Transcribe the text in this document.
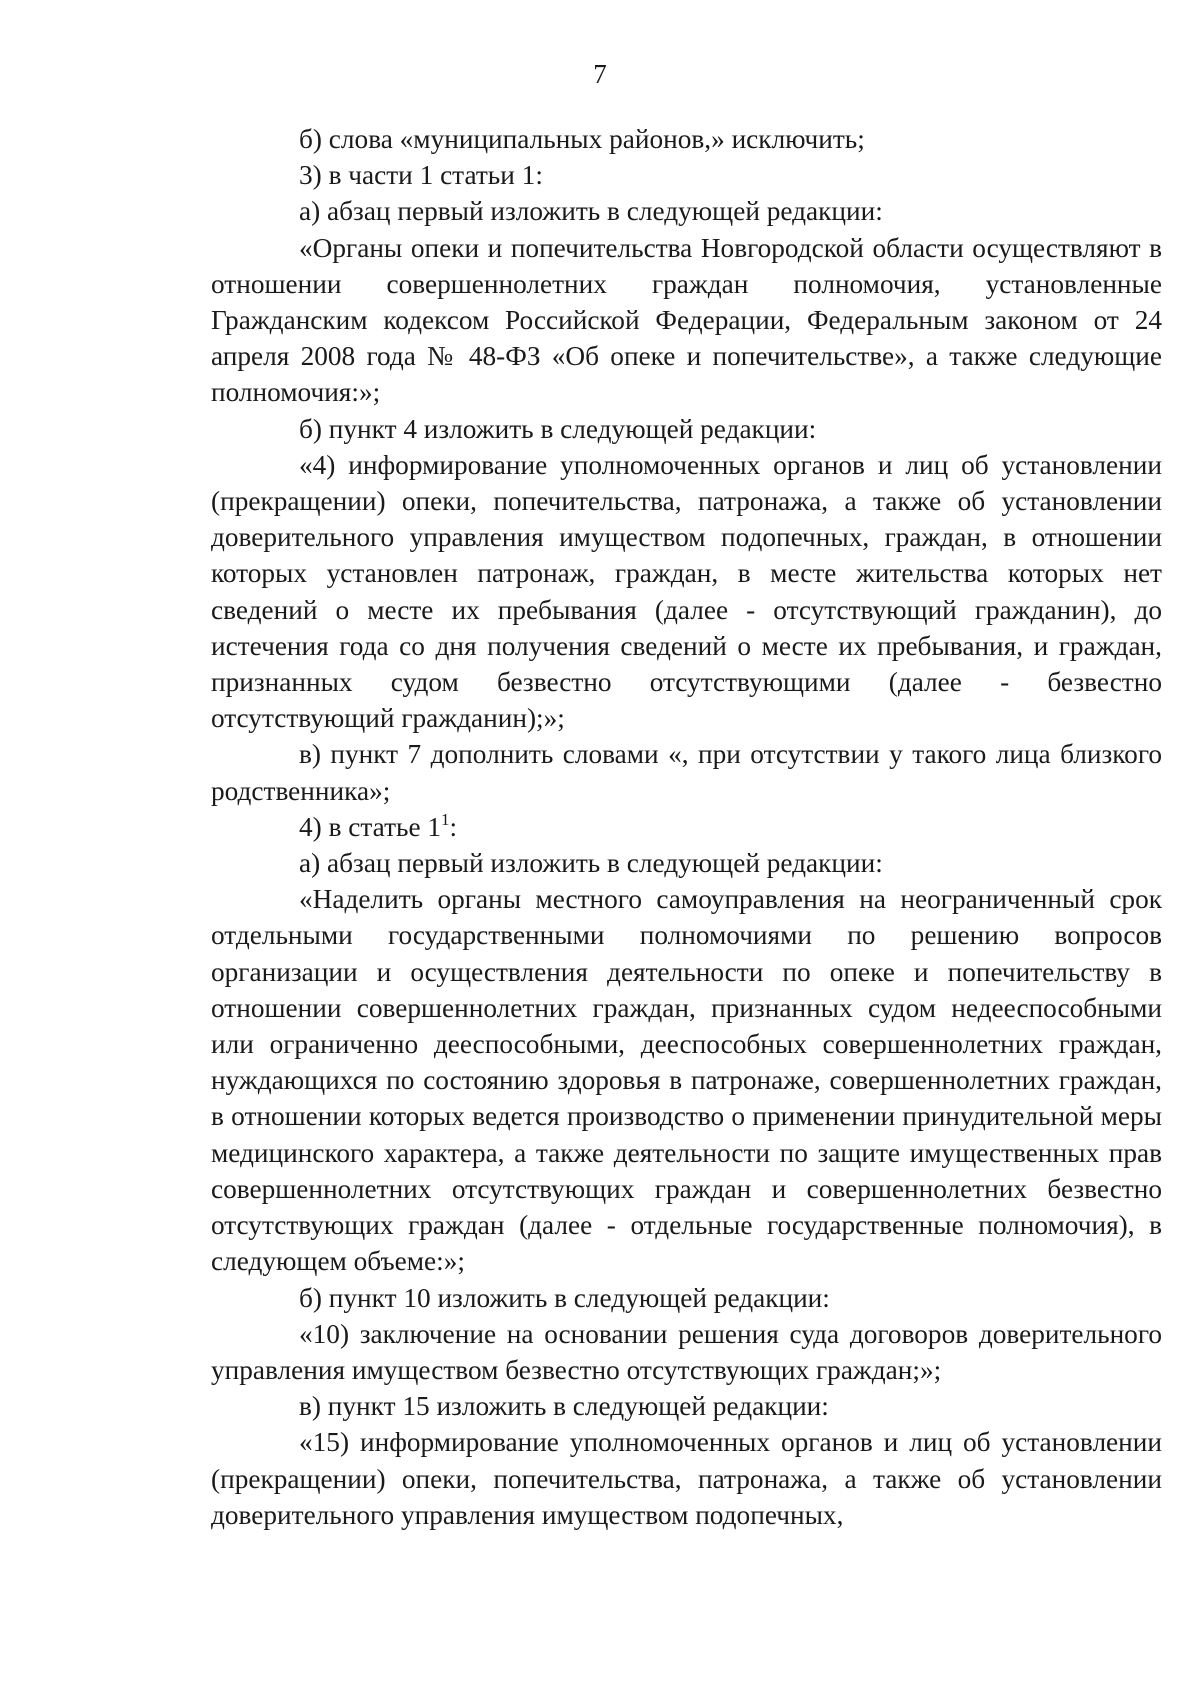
7

б) слова «муниципальных районов,» исключить;

3) в части 1 статьи 1:

а) абзац первый изложить в следующей редакции:

«Органы опеки и попечительства Новгородской области осуществляют в отношении совершеннолетних граждан полномочия, установленные Гражданским кодексом Российской Федерации, Федеральным законом от 24 апреля 2008 года № 48-ФЗ «Об опеке и попечительстве», а также следующие полномочия:»;

б) пункт 4 изложить в следующей редакции:

«4) информирование уполномоченных органов и лиц об установлении (прекращении) опеки, попечительства, патронажа, а также об установлении доверительного управления имуществом подопечных, граждан, в отношении которых установлен патронаж, граждан, в месте жительства которых нет сведений о месте их пребывания (далее - отсутствующий гражданин), до истечения года со дня получения сведений о месте их пребывания, и граждан, признанных судом безвестно отсутствующими (далее - безвестно отсутствующий гражданин);»;

в) пункт 7 дополнить словами «, при отсутствии у такого лица близкого родственника»;

4) в статье $1^1$:

а) абзац первый изложить в следующей редакции:

«Наделить органы местного самоуправления на неограниченный срок отдельными государственными полномочиями по решению вопросов организации и осуществления деятельности по опеке и попечительству в отношении совершеннолетних граждан, признанных судом недееспособными или ограниченно дееспособными, дееспособных совершеннолетних граждан, нуждающихся по состоянию здоровья в патронаже, совершеннолетних граждан, в отношении которых ведется производство о применении принудительной меры медицинского характера, а также деятельности по защите имущественных прав совершеннолетних отсутствующих граждан и совершеннолетних безвестно отсутствующих граждан (далее - отдельные государственные полномочия), в следующем объеме:»;

б) пункт 10 изложить в следующей редакции:

«10) заключение на основании решения суда договоров доверительного управления имуществом безвестно отсутствующих граждан;»;

в) пункт 15 изложить в следующей редакции:

«15) информирование уполномоченных органов и лиц об установлении (прекращении) опеки, попечительства, патронажа, а также об установлении доверительного управления имуществом подопечных,
